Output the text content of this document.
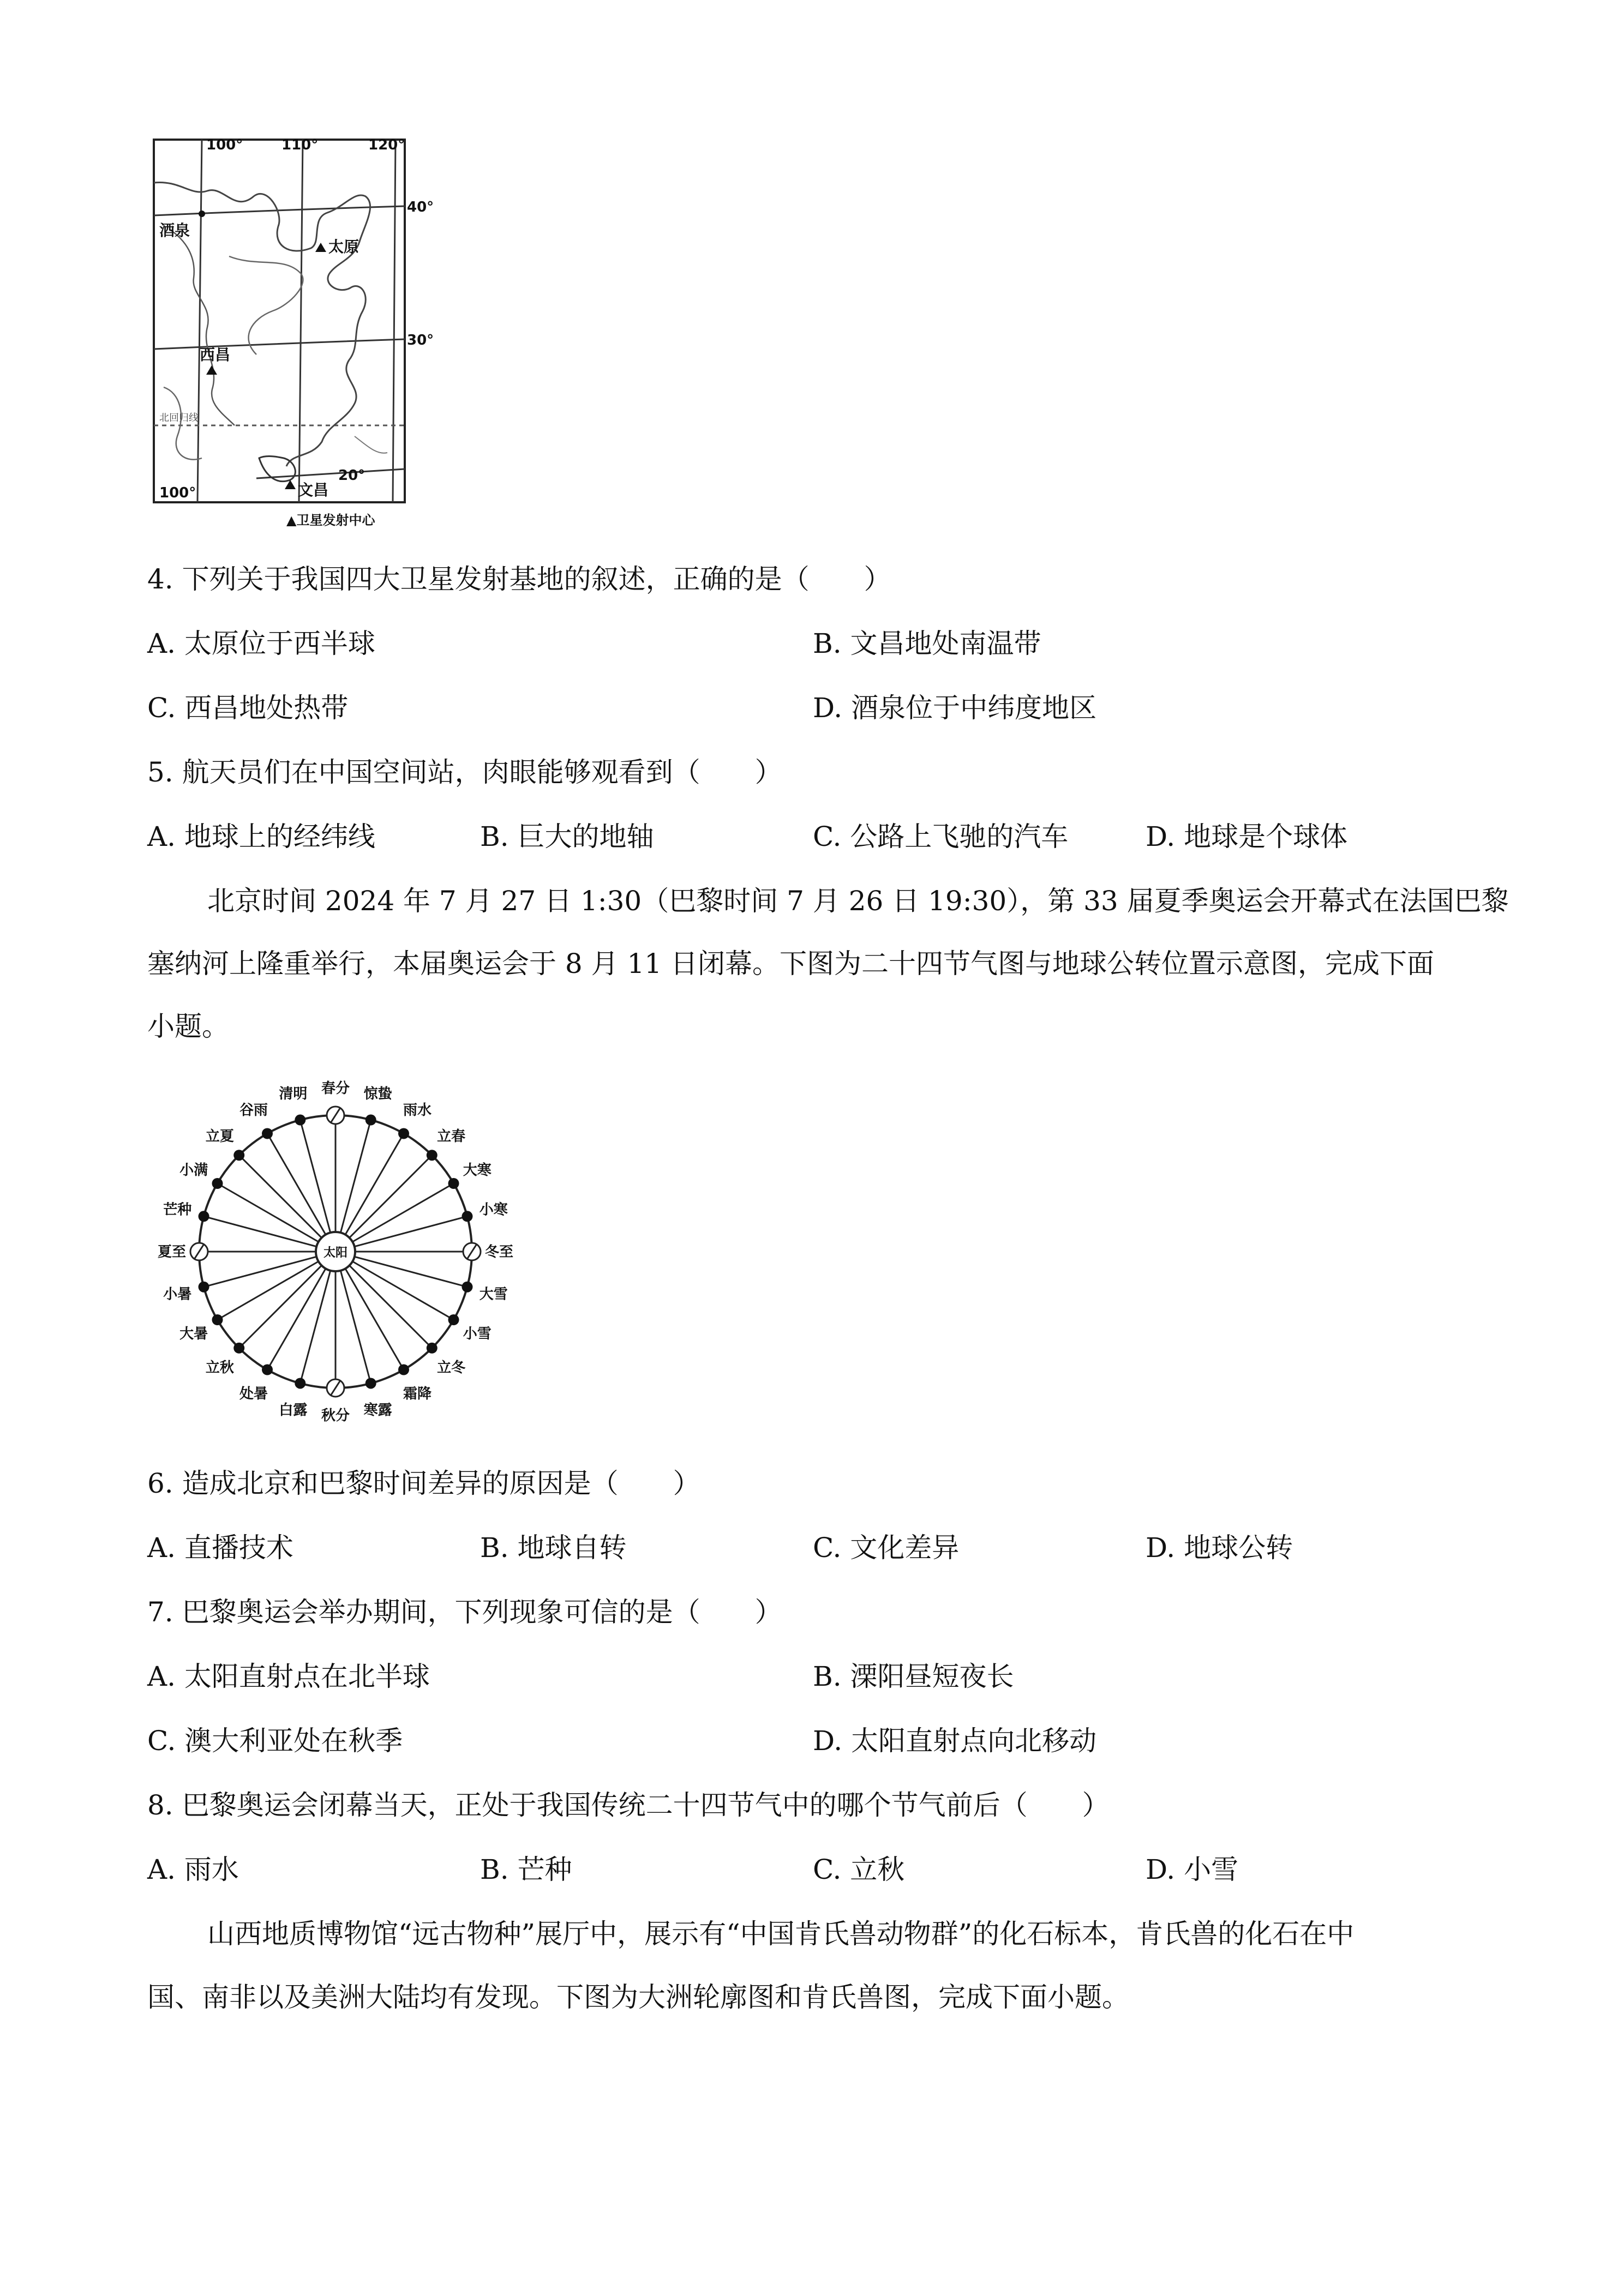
100°	110°	120°
40°
30°
20°
100°
酒泉
太原
西昌
文昌
北回归线
▲卫星发射中心
4. 下列关于我国四大卫星发射基地的叙述，正确的是（　　）
A. 太原位于西半球	B. 文昌地处南温带
C. 西昌地处热带	D. 酒泉位于中纬度地区
5. 航天员们在中国空间站，肉眼能够观看到（　　）
A. 地球上的经纬线	B. 巨大的地轴	C. 公路上飞驰的汽车	D. 地球是个球体
北京时间 2024 年 7 月 27 日 1:30（巴黎时间 7 月 26 日 19:30），第 33 届夏季奥运会开幕式在法国巴黎
塞纳河上隆重举行，本届奥运会于 8 月 11 日闭幕。下图为二十四节气图与地球公转位置示意图，完成下面
小题。
太阳
春分 惊蛰
雨水
立春
大寒
小寒
冬至
大雪
小雪
立冬
霜降
寒露
秋分
白露
处暑
立秋
大暑
小暑
夏至
芒种
小满
立夏
谷雨
清明
6. 造成北京和巴黎时间差异的原因是（　　）
A. 直播技术	B. 地球自转	C. 文化差异	D. 地球公转
7. 巴黎奥运会举办期间，下列现象可信的是（　　）
A. 太阳直射点在北半球	B. 溧阳昼短夜长
C. 澳大利亚处在秋季	D. 太阳直射点向北移动
8. 巴黎奥运会闭幕当天，正处于我国传统二十四节气中的哪个节气前后（　　）
A. 雨水	B. 芒种	C. 立秋	D. 小雪
山西地质博物馆“远古物种”展厅中，展示有“中国肯氏兽动物群”的化石标本，肯氏兽的化石在中
国、南非以及美洲大陆均有发现。下图为大洲轮廓图和肯氏兽图，完成下面小题。
